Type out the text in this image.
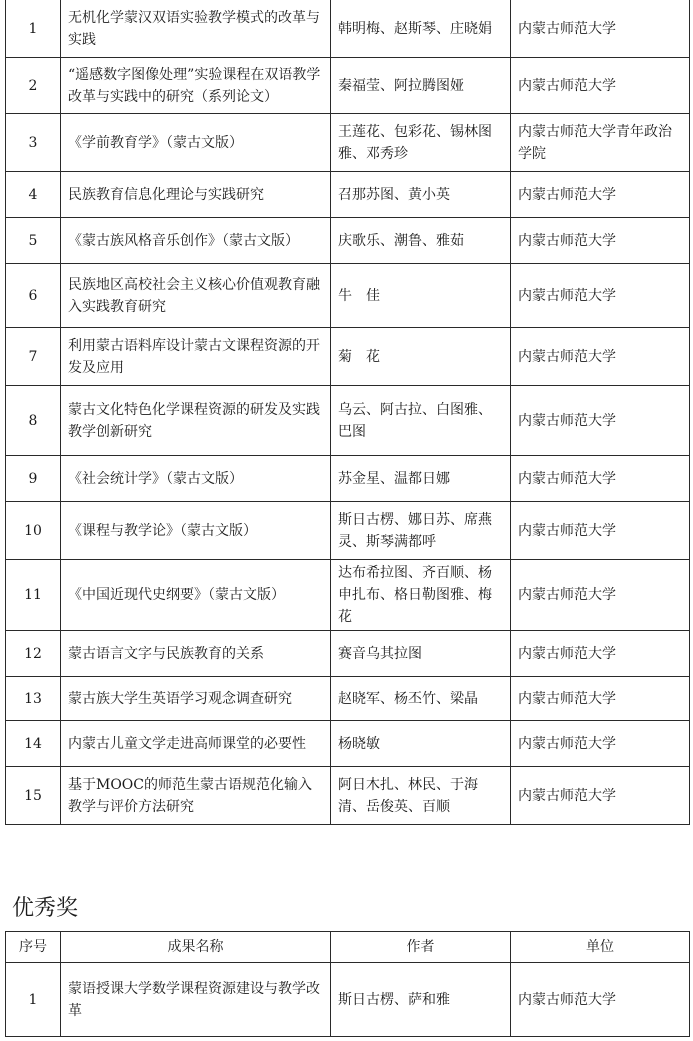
1	无机化学蒙汉双语实验教学模式的改革与实践	韩明梅、赵斯琴、庄晓娟	内蒙古师范大学
2	“遥感数字图像处理”实验课程在双语教学改革与实践中的研究（系列论文）	秦福莹、阿拉腾图娅	内蒙古师范大学
3	《学前教育学》（蒙古文版）	王莲花、包彩花、锡林图雅、邓秀珍	内蒙古师范大学青年政治学院
4	民族教育信息化理论与实践研究	召那苏图、黄小英	内蒙古师范大学
5	《蒙古族风格音乐创作》（蒙古文版）	庆歌乐、潮鲁、雅茹	内蒙古师范大学
6	民族地区高校社会主义核心价值观教育融入实践教育研究	牛　佳	内蒙古师范大学
7	利用蒙古语料库设计蒙古文课程资源的开发及应用	菊　花	内蒙古师范大学
8	蒙古文化特色化学课程资源的研发及实践教学创新研究	乌云、阿古拉、白图雅、巴图	内蒙古师范大学
9	《社会统计学》（蒙古文版）	苏金星、温都日娜	内蒙古师范大学
10	《课程与教学论》（蒙古文版）	斯日古楞、娜日苏、席燕灵、斯琴满都呼	内蒙古师范大学
11	《中国近现代史纲要》（蒙古文版）	达布希拉图、齐百顺、杨申扎布、格日勒图雅、梅花	内蒙古师范大学
12	蒙古语言文字与民族教育的关系	赛音乌其拉图	内蒙古师范大学
13	蒙古族大学生英语学习观念调查研究	赵晓军、杨丕竹、梁晶	内蒙古师范大学
14	内蒙古儿童文学走进高师课堂的必要性	杨晓敏	内蒙古师范大学
15	基于MOOC的师范生蒙古语规范化输入教学与评价方法研究	阿日木扎、林民、于海清、岳俊英、百顺	内蒙古师范大学
优秀奖
序号	成果名称	作者	单位
1	蒙语授课大学数学课程资源建设与教学改革	斯日古楞、萨和雅	内蒙古师范大学
